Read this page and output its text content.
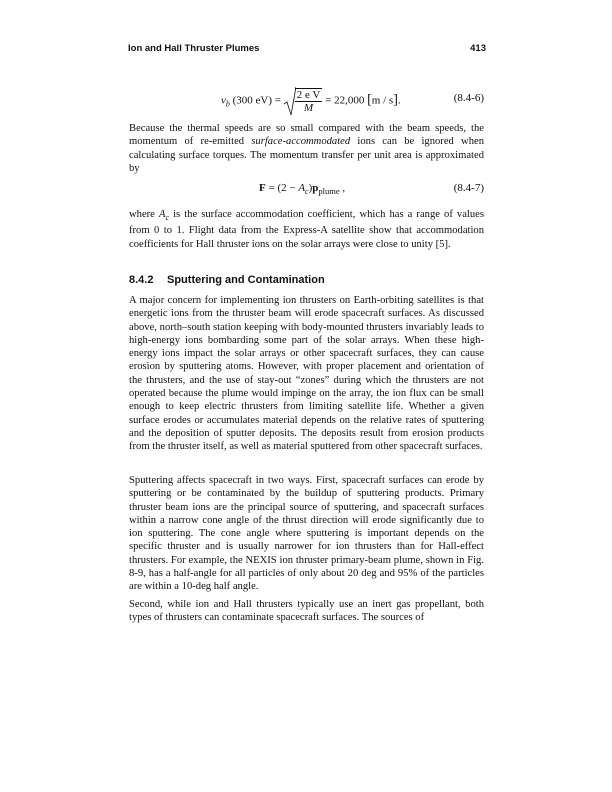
Ion and Hall Thruster Plumes	413
$v_b$ (300 $eV) = \frac{\text{2 e V}}{M} = 22,000$ [m / s].	(8.4-6)
Because the thermal speeds are so small compared with the beam speeds, the momentum of re-emitted surface-accommodated ions can be ignored when calculating surface torques. The momentum transfer per unit area is approximated by
$F = (2 - A_c)p_{plume}$ ,	(8.4-7)
where $A_c$ is the surface accommodation coefficient, which has a range of values from 0 to 1. Flight data from the Express-A satellite show that accommodation coefficients for Hall thruster ions on the solar arrays were close to unity [5].
8.4.2 Sputtering and Contamination
A major concern for implementing ion thrusters on Earth-orbiting satellites is that energetic ions from the thruster beam will erode spacecraft surfaces. As discussed above, north–south station keeping with body-mounted thrusters invariably leads to high-energy ions bombarding some part of the solar arrays. When these high-energy ions impact the solar arrays or other spacecraft surfaces, they can cause erosion by sputtering atoms. However, with proper placement and orientation of the thrusters, and the use of stay-out “zones” during which the thrusters are not operated because the plume would impinge on the array, the ion flux can be small enough to keep electric thrusters from limiting satellite life. Whether a given surface erodes or accumulates material depends on the relative rates of sputtering and the deposition of sputter deposits. The deposits result from erosion products from the thruster itself, as well as material sputtered from other spacecraft surfaces.
Sputtering affects spacecraft in two ways. First, spacecraft surfaces can erode by sputtering or be contaminated by the buildup of sputtering products. Primary thruster beam ions are the principal source of sputtering, and spacecraft surfaces within a narrow cone angle of the thrust direction will erode significantly due to ion sputtering. The cone angle where sputtering is important depends on the specific thruster and is usually narrower for ion thrusters than for Hall-effect thrusters. For example, the NEXIS ion thruster primary-beam plume, shown in Fig. 8-9, has a half-angle for all particles of only about 20 deg and 95% of the particles are within a 10-deg half angle.
Second, while ion and Hall thrusters typically use an inert gas propellant, both types of thrusters can contaminate spacecraft surfaces. The sources of
